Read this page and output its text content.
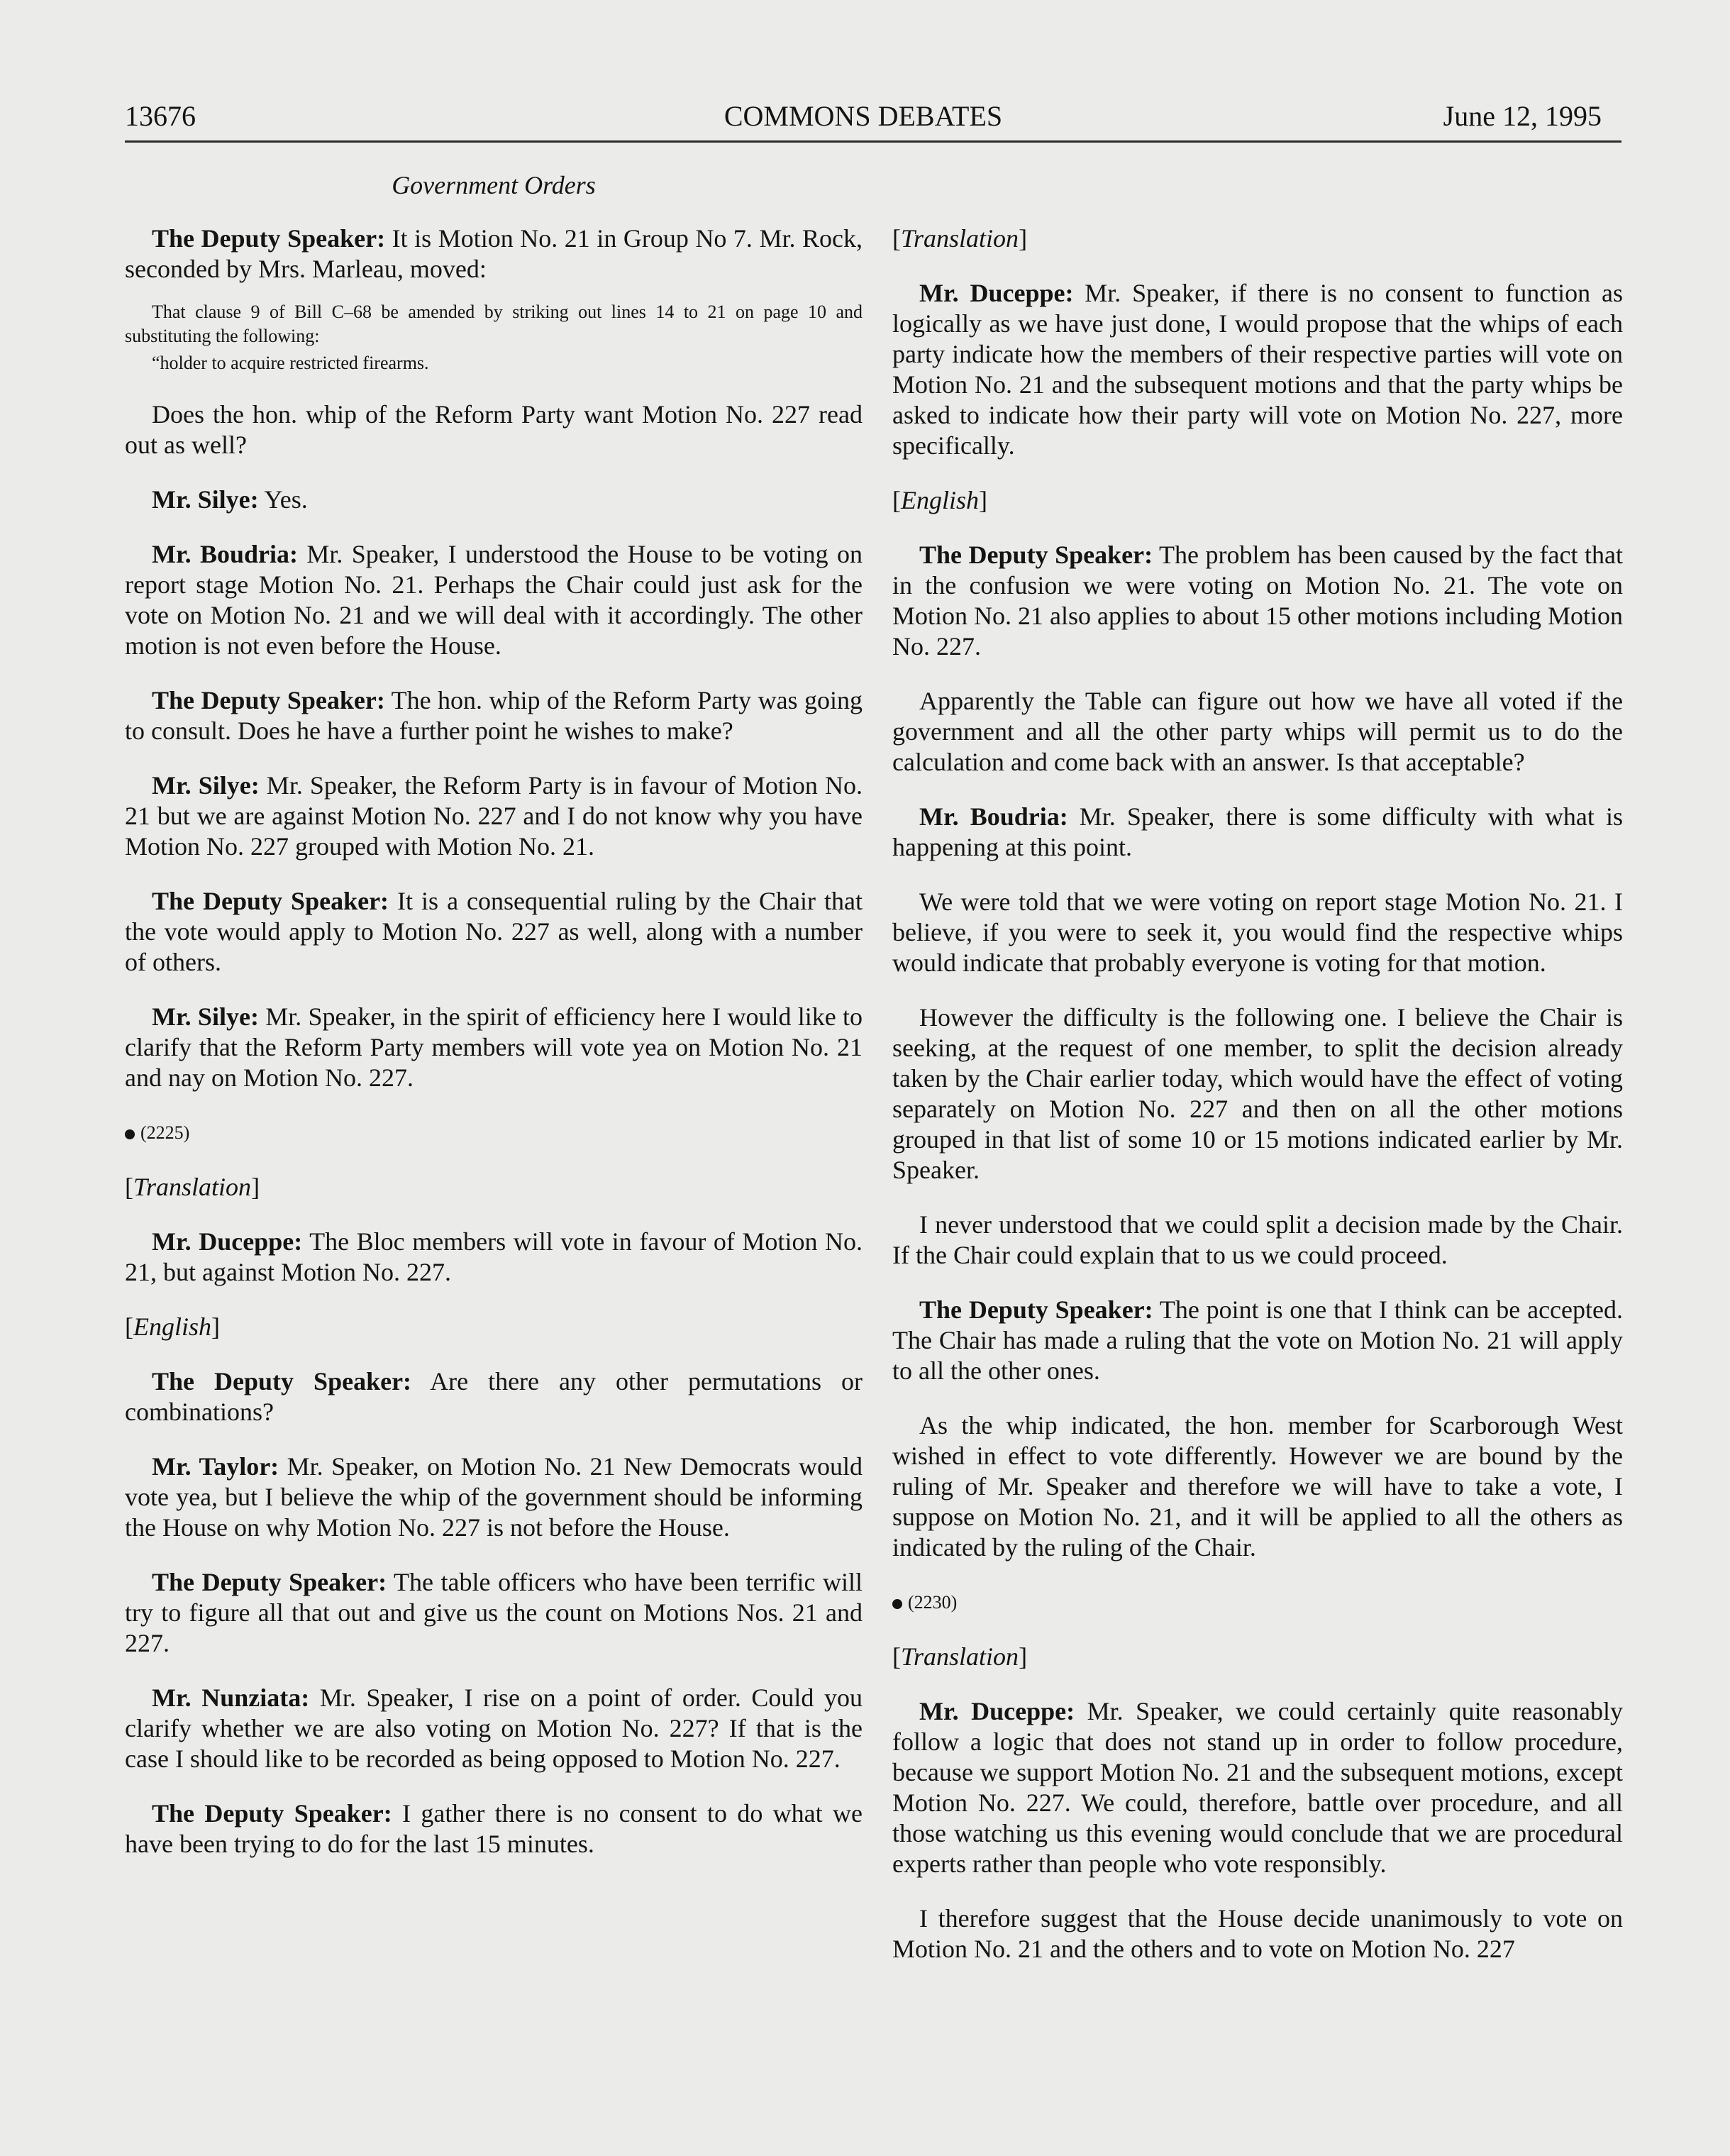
13676	COMMONS DEBATES	June 12, 1995
Government Orders

The Deputy Speaker: It is Motion No. 21 in Group No 7. Mr. Rock, seconded by Mrs. Marleau, moved:

That clause 9 of Bill C–68 be amended by striking out lines 14 to 21 on page 10 and substituting the following:

“holder to acquire restricted firearms.

Does the hon. whip of the Reform Party want Motion No. 227 read out as well?

Mr. Silye: Yes.

Mr. Boudria: Mr. Speaker, I understood the House to be voting on report stage Motion No. 21. Perhaps the Chair could just ask for the vote on Motion No. 21 and we will deal with it accordingly. The other motion is not even before the House.

The Deputy Speaker: The hon. whip of the Reform Party was going to consult. Does he have a further point he wishes to make?

Mr. Silye: Mr. Speaker, the Reform Party is in favour of Motion No. 21 but we are against Motion No. 227 and I do not know why you have Motion No. 227 grouped with Motion No. 21.

The Deputy Speaker: It is a consequential ruling by the Chair that the vote would apply to Motion No. 227 as well, along with a number of others.

Mr. Silye: Mr. Speaker, in the spirit of efficiency here I would like to clarify that the Reform Party members will vote yea on Motion No. 21 and nay on Motion No. 227.

(2225)

[ Translation ]

Mr. Duceppe: The Bloc members will vote in favour of Motion No. 21, but against Motion No. 227.

[ English ]

The Deputy Speaker: Are there any other permutations or combinations?

Mr. Taylor: Mr. Speaker, on Motion No. 21 New Democrats would vote yea, but I believe the whip of the government should be informing the House on why Motion No. 227 is not before the House.

The Deputy Speaker: The table officers who have been terrific will try to figure all that out and give us the count on Motions Nos. 21 and 227.

Mr. Nunziata: Mr. Speaker, I rise on a point of order. Could you clarify whether we are also voting on Motion No. 227? If that is the case I should like to be recorded as being opposed to Motion No. 227.

The Deputy Speaker: I gather there is no consent to do what we have been trying to do for the last 15 minutes.

[ Translation ]

Mr. Duceppe: Mr. Speaker, if there is no consent to function as logically as we have just done, I would propose that the whips of each party indicate how the members of their respective parties will vote on Motion No. 21 and the subsequent motions and that the party whips be asked to indicate how their party will vote on Motion No. 227, more specifically.

[ English ]

The Deputy Speaker: The problem has been caused by the fact that in the confusion we were voting on Motion No. 21. The vote on Motion No. 21 also applies to about 15 other motions including Motion No. 227.

Apparently the Table can figure out how we have all voted if the government and all the other party whips will permit us to do the calculation and come back with an answer. Is that acceptable?

Mr. Boudria: Mr. Speaker, there is some difficulty with what is happening at this point.

We were told that we were voting on report stage Motion No. 21. I believe, if you were to seek it, you would find the respective whips would indicate that probably everyone is voting for that motion.

However the difficulty is the following one. I believe the Chair is seeking, at the request of one member, to split the decision already taken by the Chair earlier today, which would have the effect of voting separately on Motion No. 227 and then on all the other motions grouped in that list of some 10 or 15 motions indicated earlier by Mr. Speaker.

I never understood that we could split a decision made by the Chair. If the Chair could explain that to us we could proceed.

The Deputy Speaker: The point is one that I think can be accepted. The Chair has made a ruling that the vote on Motion No. 21 will apply to all the other ones.

As the whip indicated, the hon. member for Scarborough West wished in effect to vote differently. However we are bound by the ruling of Mr. Speaker and therefore we will have to take a vote, I suppose on Motion No. 21, and it will be applied to all the others as indicated by the ruling of the Chair.

(2230)

[ Translation ]

Mr. Duceppe: Mr. Speaker, we could certainly quite reasonably follow a logic that does not stand up in order to follow procedure, because we support Motion No. 21 and the subsequent motions, except Motion No. 227. We could, therefore, battle over procedure, and all those watching us this evening would conclude that we are procedural experts rather than people who vote responsibly.

I therefore suggest that the House decide unanimously to vote on Motion No. 21 and the others and to vote on Motion No. 227
